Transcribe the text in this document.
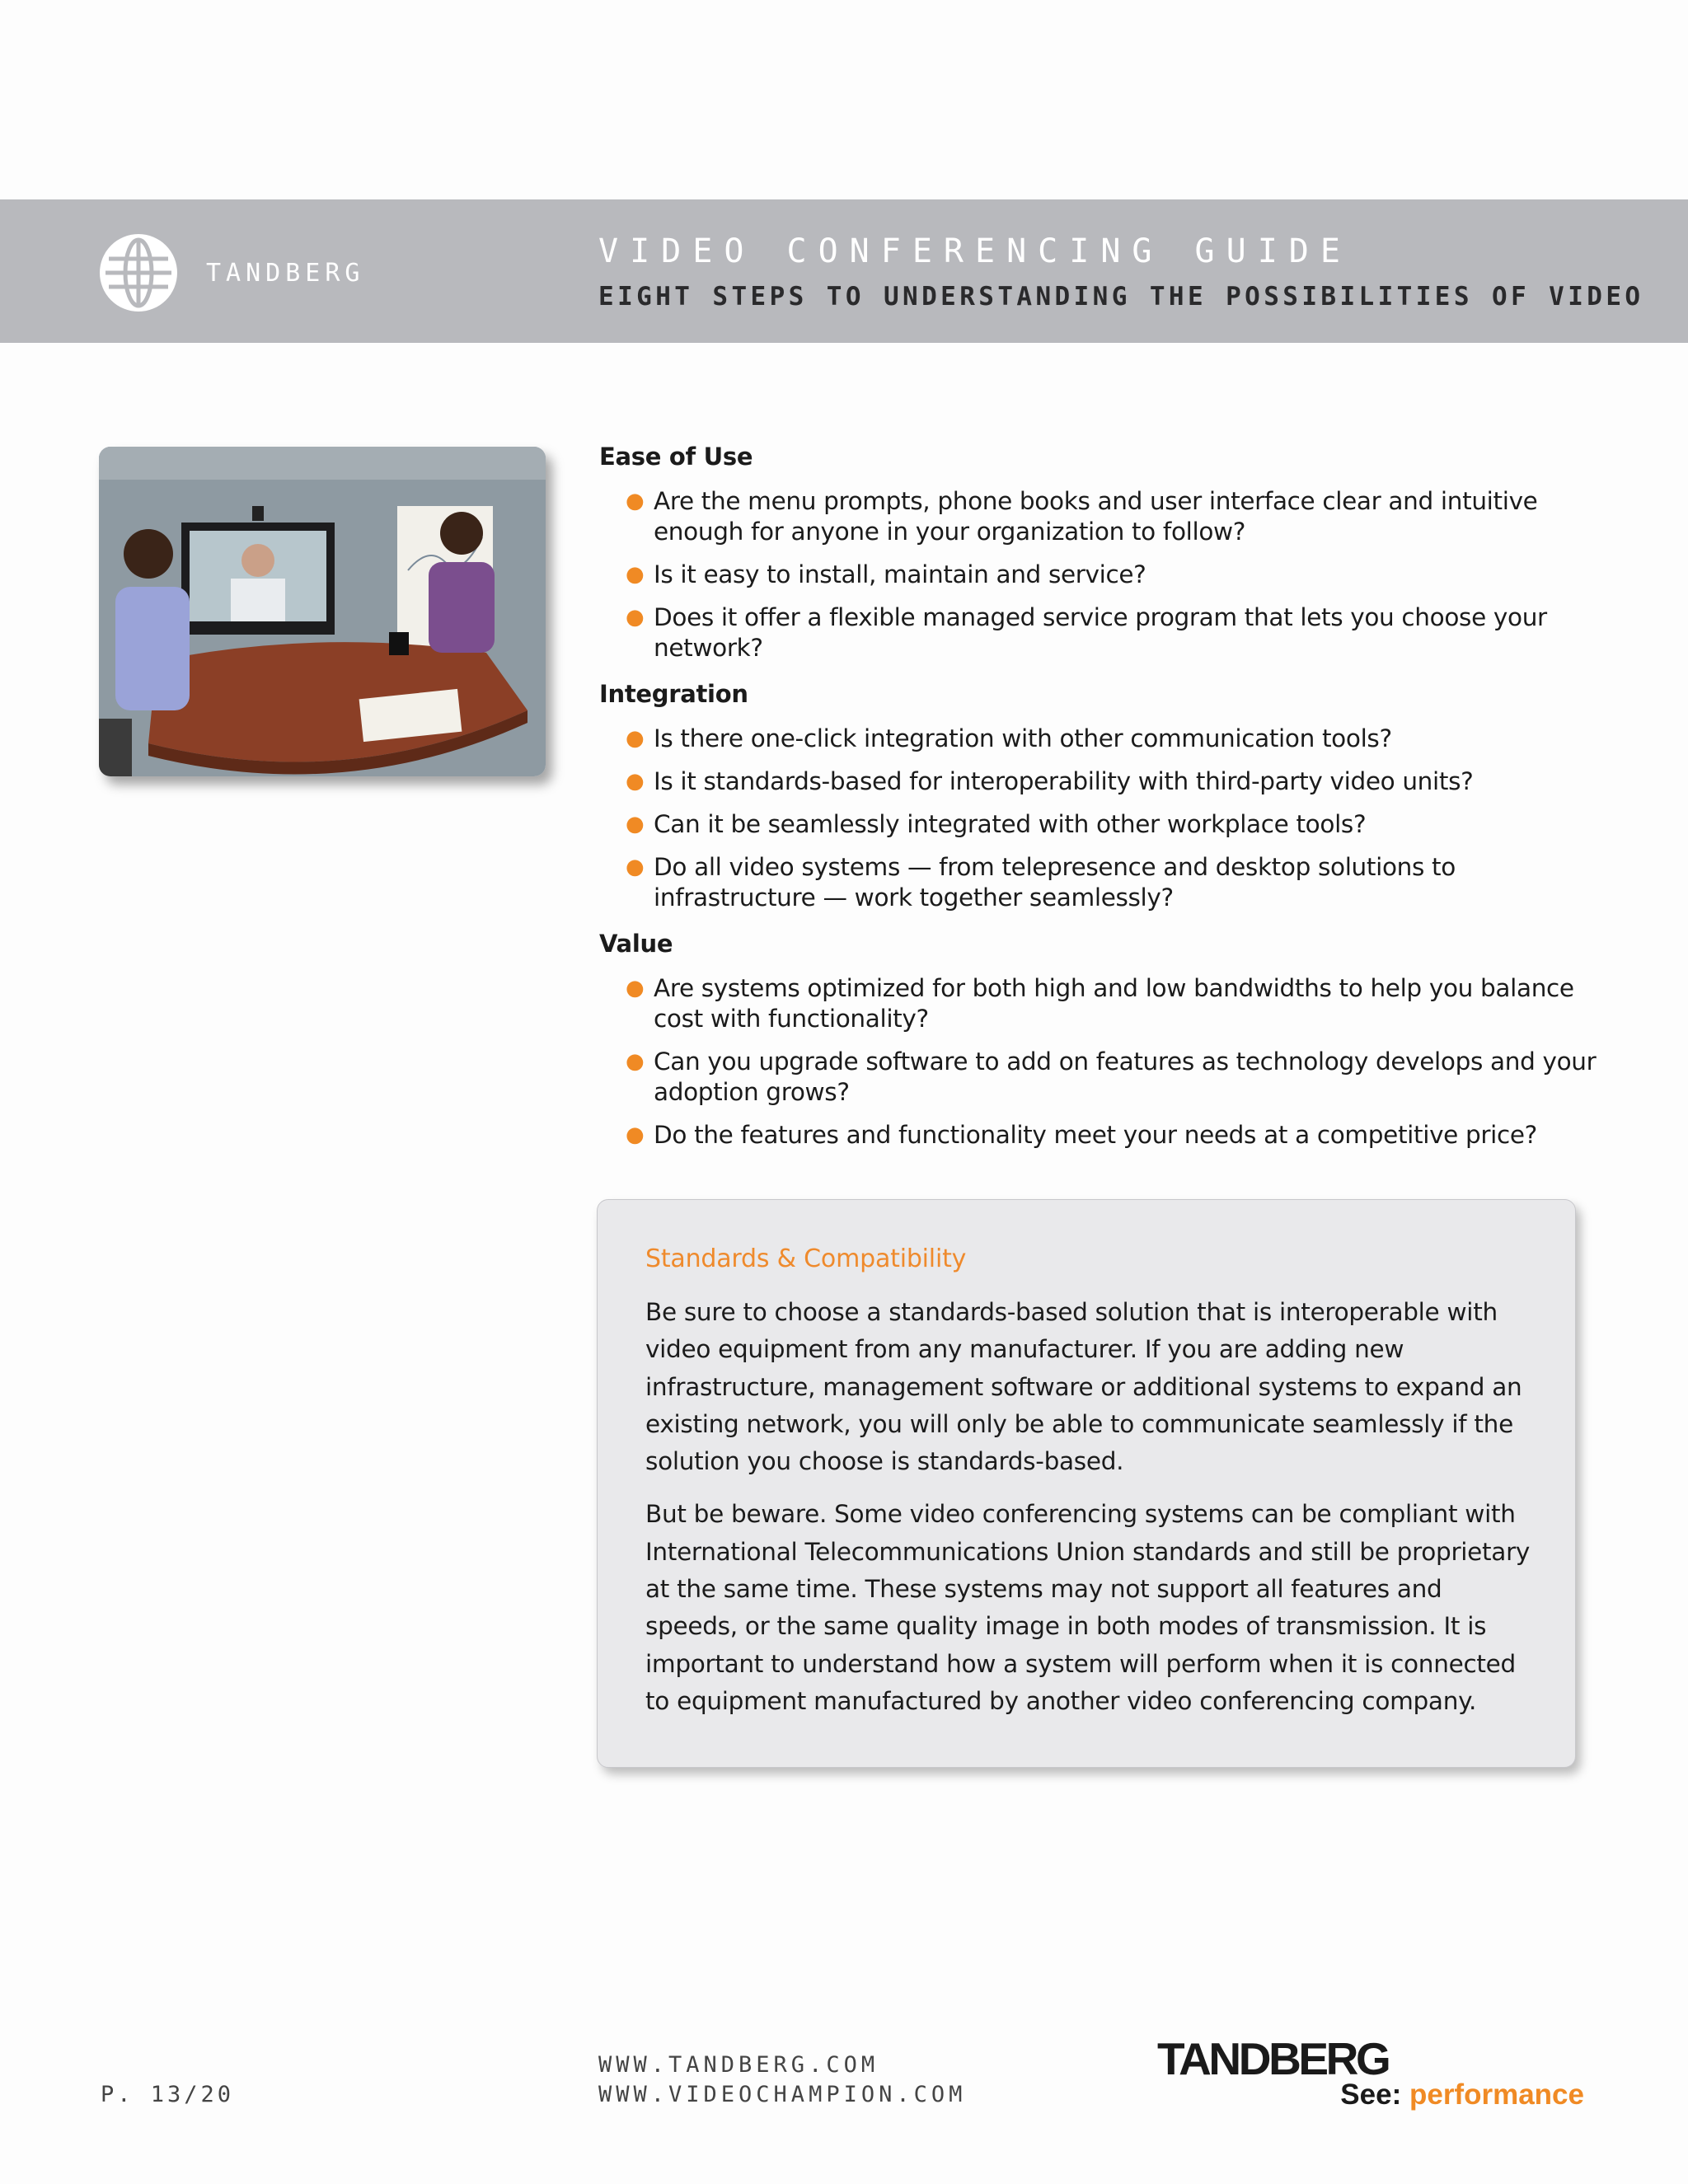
TANDBERG
VIDEO CONFERENCING GUIDE
EIGHT STEPS TO UNDERSTANDING THE POSSIBILITIES OF VIDEO
Ease of Use
● Are the menu prompts, phone books and user interface clear and intuitive enough for anyone in your organization to follow?
● Is it easy to install, maintain and service?
● Does it offer a flexible managed service program that lets you choose your network?
Integration
● Is there one-click integration with other communication tools?
● Is it standards-based for interoperability with third-party video units?
● Can it be seamlessly integrated with other workplace tools?
● Do all video systems — from telepresence and desktop solutions to infrastructure — work together seamlessly?
Value
● Are systems optimized for both high and low bandwidths to help you balance cost with functionality?
● Can you upgrade software to add on features as technology develops and your adoption grows?
● Do the features and functionality meet your needs at a competitive price?
Standards & Compatibility

Be sure to choose a standards-based solution that is interoperable with video equipment from any manufacturer. If you are adding new infrastructure, management software or additional systems to expand an existing network, you will only be able to communicate seamlessly if the solution you choose is standards-based.

But be beware. Some video conferencing systems can be compliant with International Telecommunications Union standards and still be proprietary at the same time. These systems may not support all features and speeds, or the same quality image in both modes of transmission. It is important to understand how a system will perform when it is connected to equipment manufactured by another video conferencing company.

P. 13/20
WWW.TANDBERG.COM
WWW.VIDEOCHAMPION.COM
TANDBERG
See: performance
